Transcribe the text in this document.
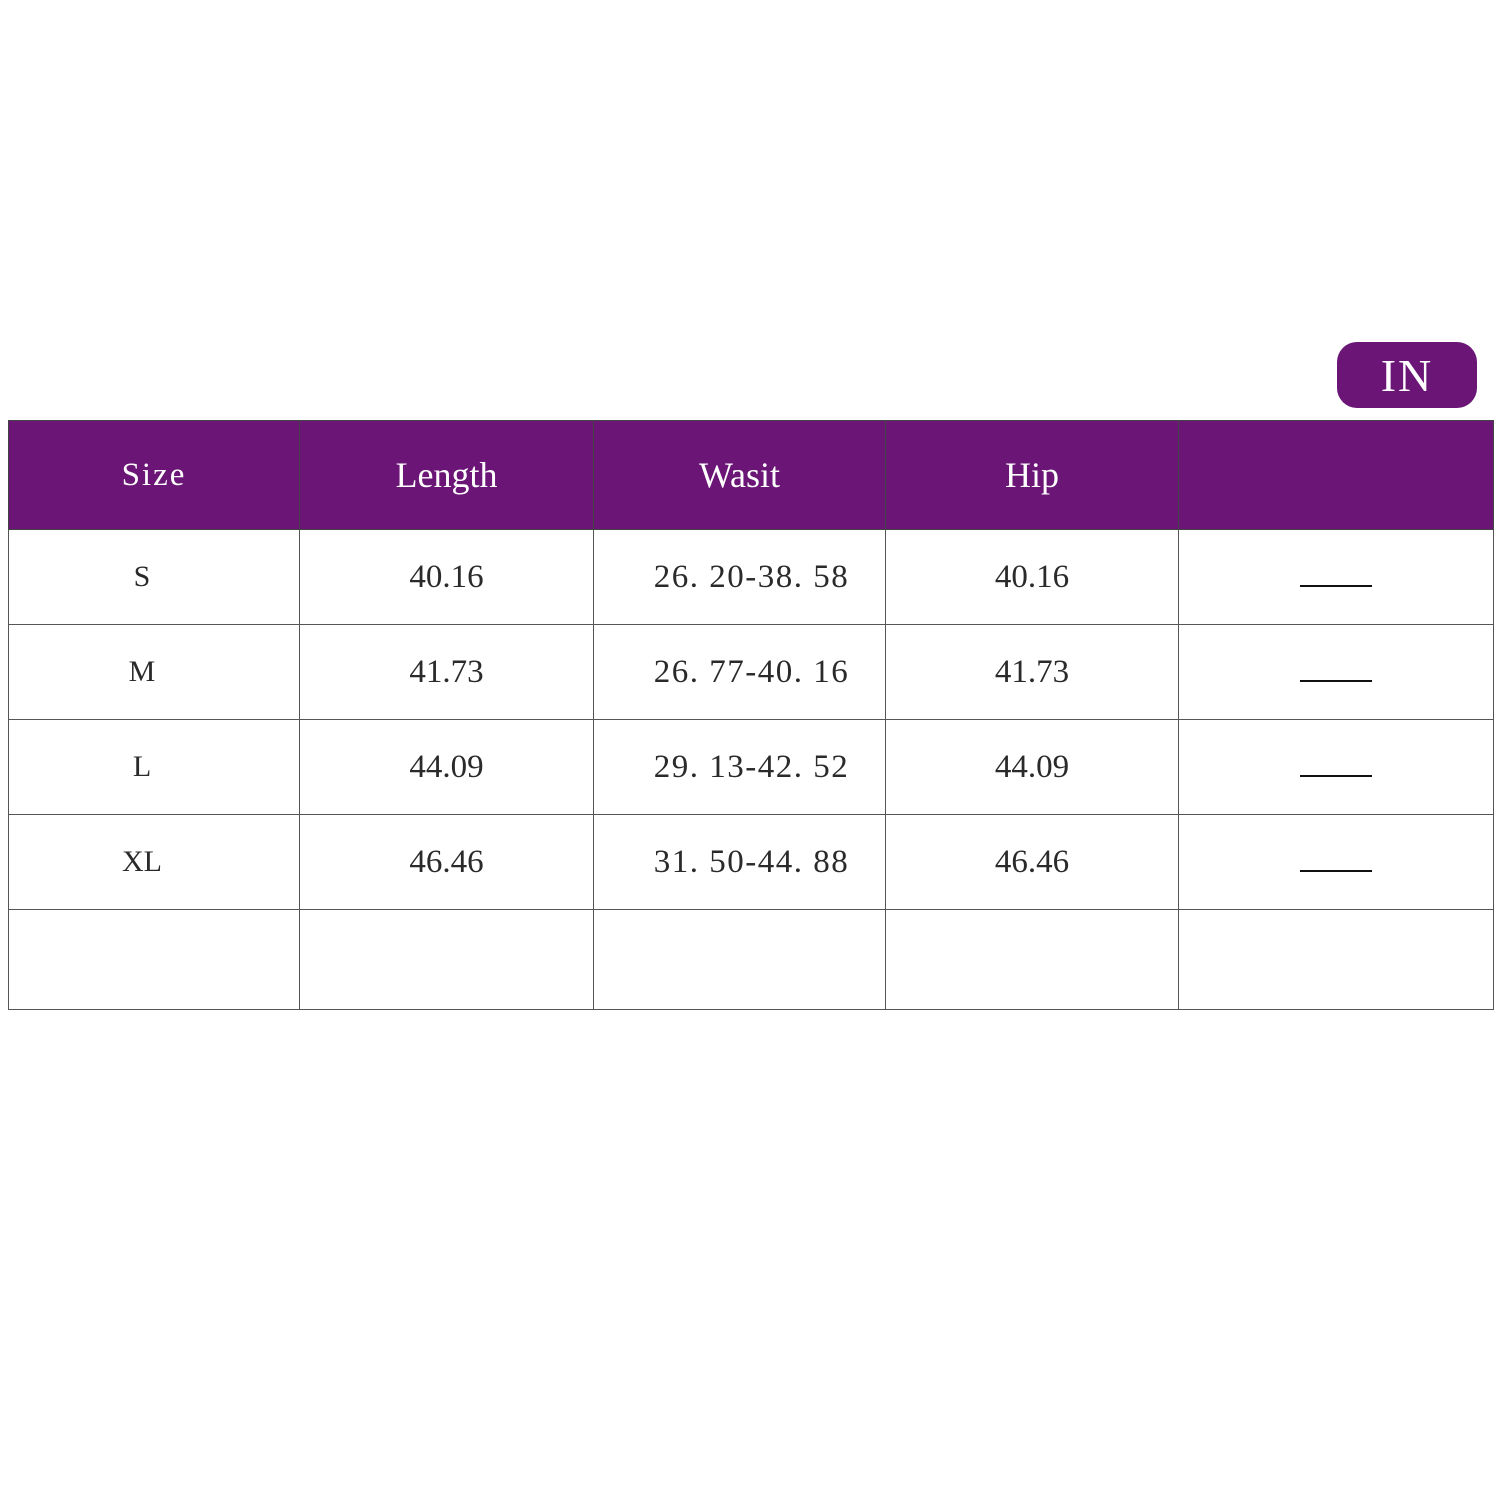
IN
Size	Length	Wasit	Hip	
S	40.16	26. 20-38. 58	40.16	
M	41.73	26. 77-40. 16	41.73	
L	44.09	29. 13-42. 52	44.09	
XL	46.46	31. 50-44. 88	46.46	
